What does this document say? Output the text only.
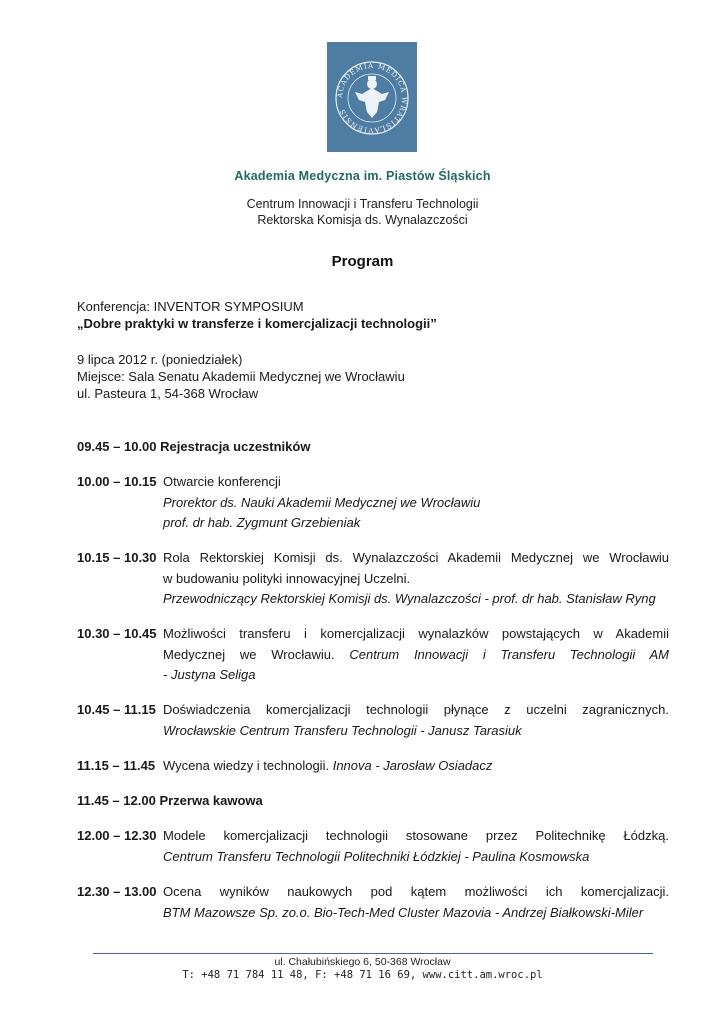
ACADEMIA MEDICA WRATISLAVIENSIS
Akademia Medyczna im. Piastów Śląskich
Centrum Innowacji i Transferu Technologii
Rektorska Komisja ds. Wynalazczości
Program
Konferencja: INVENTOR SYMPOSIUM
„Dobre praktyki w transferze i komercjalizacji technologii”
9 lipca 2012 r. (poniedziałek)
Miejsce: Sala Senatu Akademii Medycznej we Wrocławiu
ul. Pasteura 1, 54-368 Wrocław
09.45 – 10.00 Rejestracja uczestników
10.00 – 10.15 Otwarcie konferencji
Prorektor ds. Nauki Akademii Medycznej we Wrocławiu
prof. dr hab. Zygmunt Grzebieniak
10.15 – 10.30 Rola Rektorskiej Komisji ds. Wynalazczości Akademii Medycznej we Wrocławiu
w budowaniu polityki innowacyjnej Uczelni.
Przewodniczący Rektorskiej Komisji ds. Wynalazczości - prof. dr hab. Stanisław Ryng
10.30 – 10.45 Możliwości transferu i komercjalizacji wynalazków powstających w Akademii
Medycznej we Wrocławiu. Centrum Innowacji i Transferu Technologii AM
- Justyna Seliga
10.45 – 11.15 Doświadczenia komercjalizacji technologii płynące z uczelni zagranicznych.
Wrocławskie Centrum Transferu Technologii - Janusz Tarasiuk
11.15 – 11.45 Wycena wiedzy i technologii. Innova - Jarosław Osiadacz
11.45 – 12.00 Przerwa kawowa
12.00 – 12.30 Modele komercjalizacji technologii stosowane przez Politechnikę Łódzką.
Centrum Transferu Technologii Politechniki Łódzkiej - Paulina Kosmowska
12.30 – 13.00 Ocena wyników naukowych pod kątem możliwości ich komercjalizacji.
BTM Mazowsze Sp. zo.o. Bio-Tech-Med Cluster Mazovia - Andrzej Białkowski-Miler
ul. Chałubińskiego 6, 50-368 Wrocław
T: +48 71 784 11 48, F: +48 71 16 69, www.citt.am.wroc.pl
